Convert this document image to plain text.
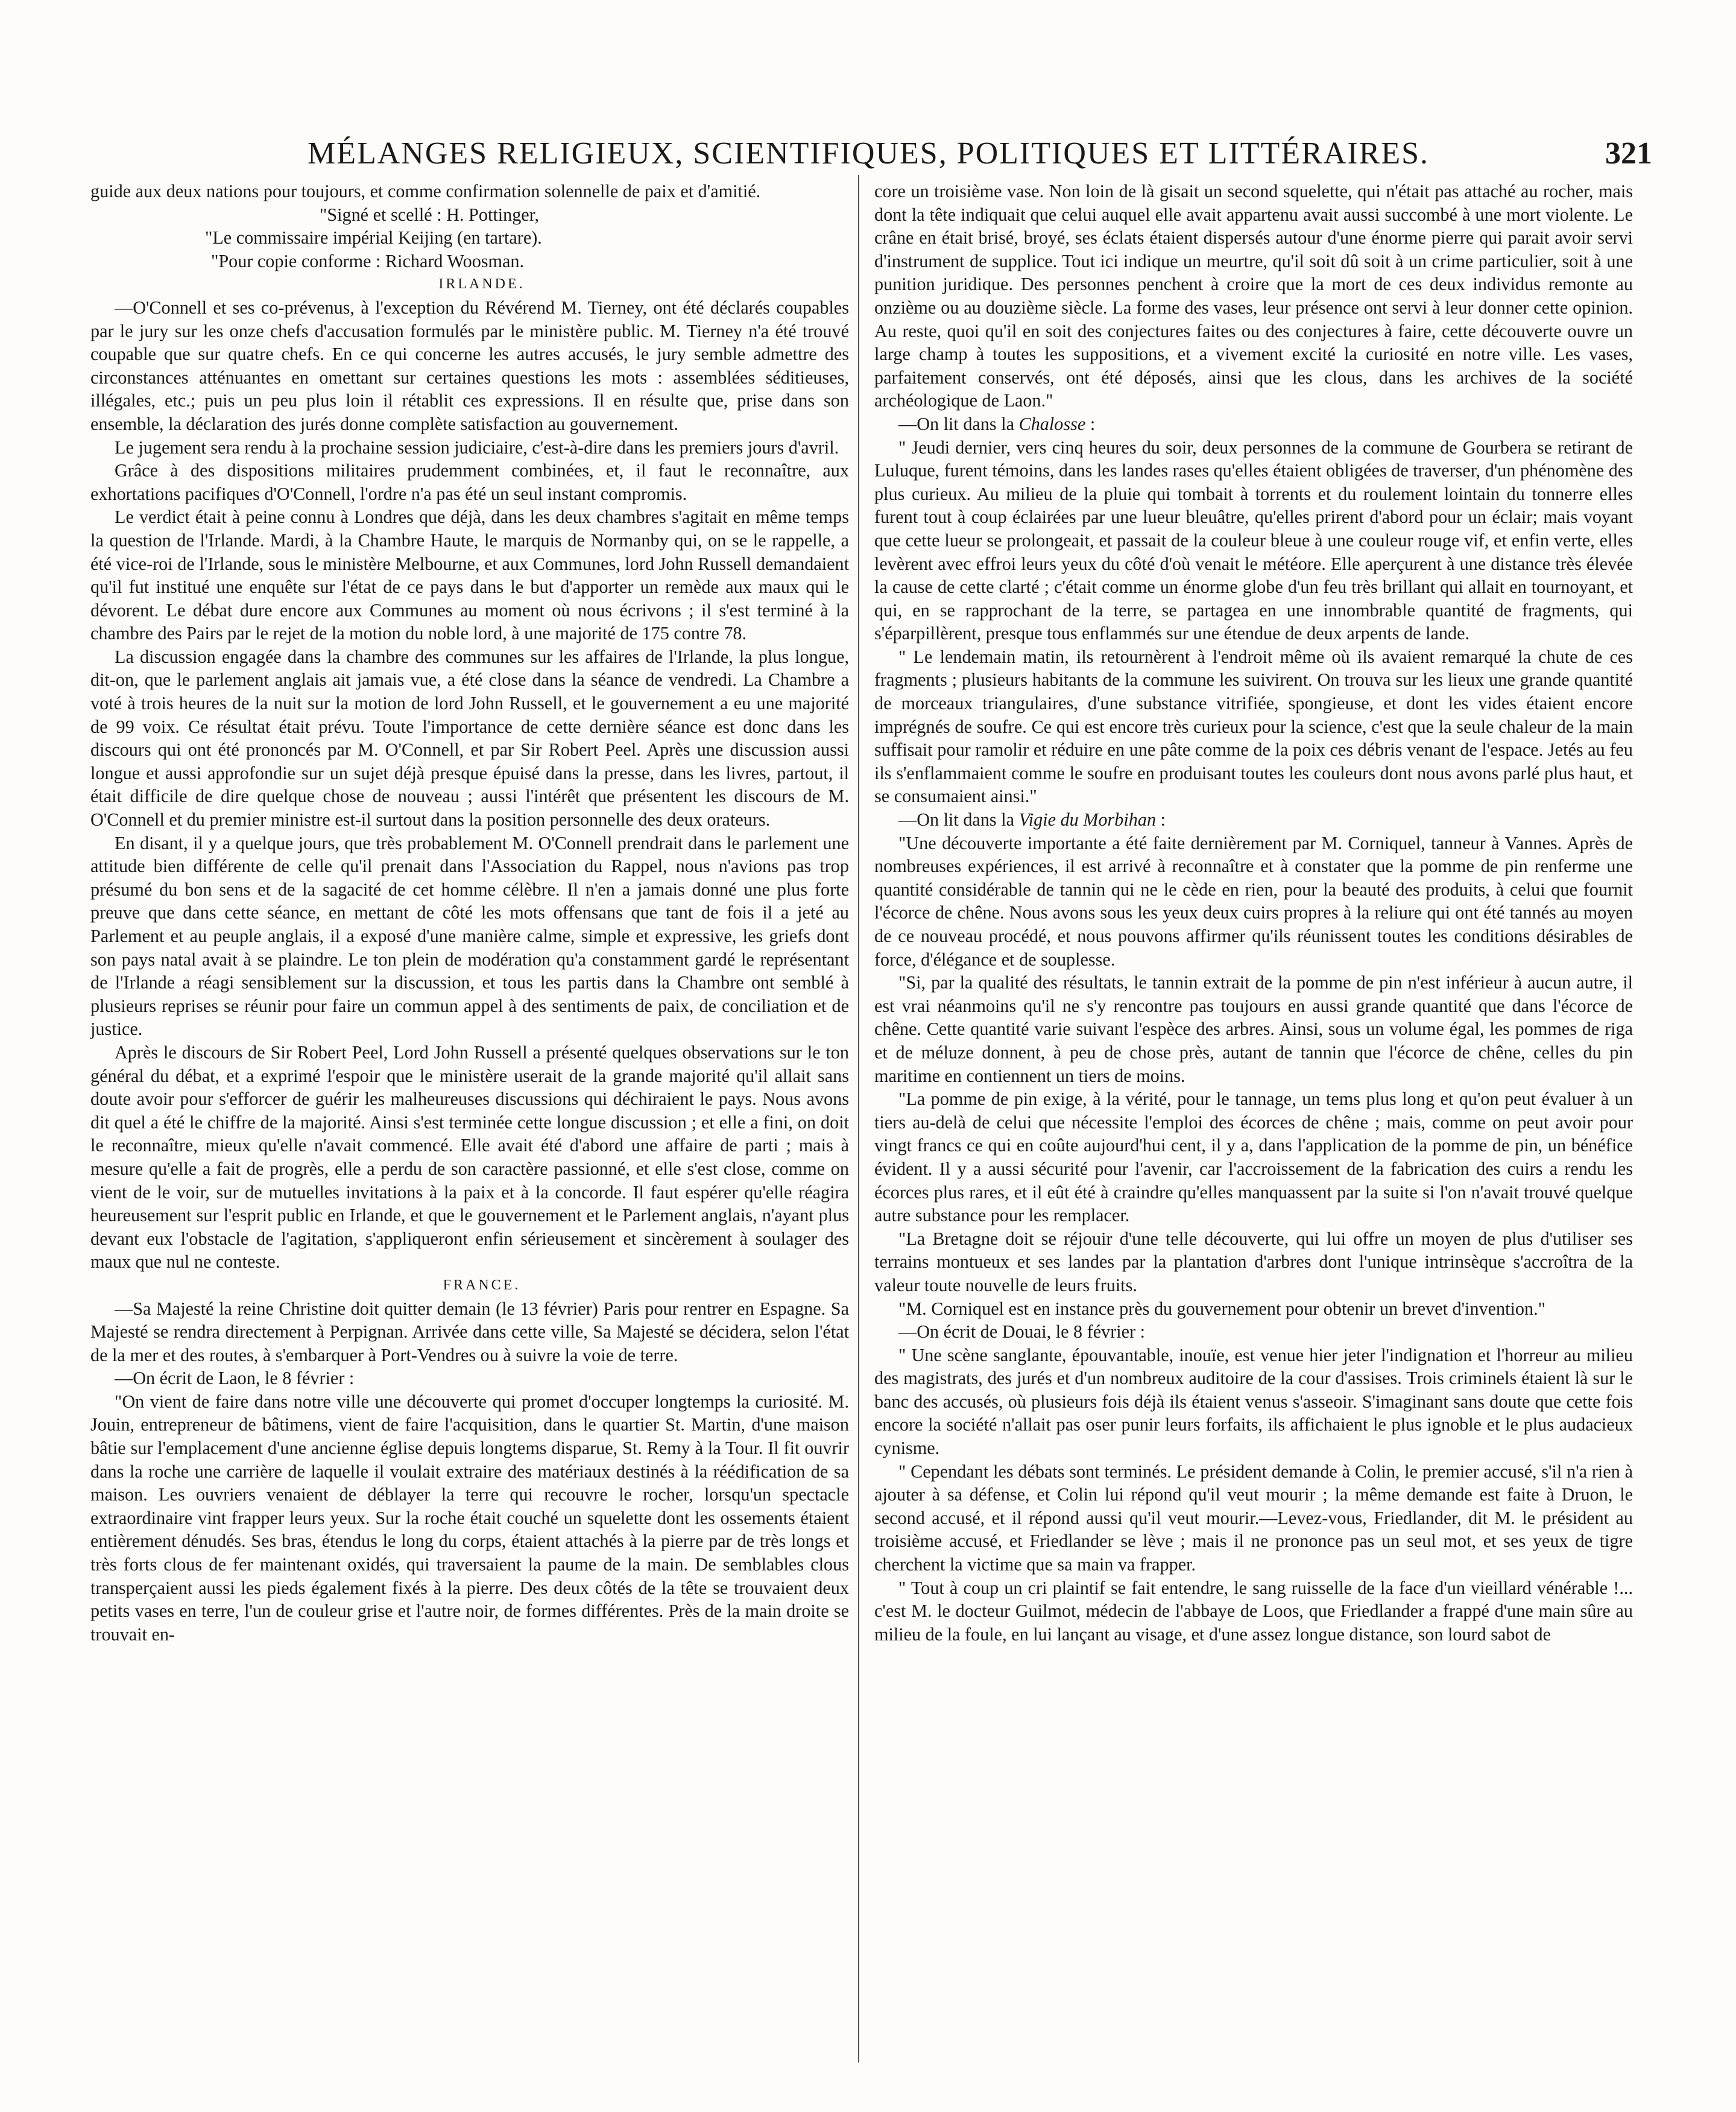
MÉLANGES RELIGIEUX, SCIENTIFIQUES, POLITIQUES ET LITTÉRAIRES.	321

guide aux deux nations pour toujours, et comme confirmation solennelle de paix et d'amitié.

"Signé et scellé : H. Pottinger,

"Le commissaire impérial Keijing (en tartare).

"Pour copie conforme : Richard Woosman.

IRLANDE.

—O'Connell et ses co-prévenus, à l'exception du Révérend M. Tierney, ont été déclarés coupables par le jury sur les onze chefs d'accusation formulés par le ministère public. M. Tierney n'a été trouvé coupable que sur quatre chefs. En ce qui concerne les autres accusés, le jury semble admettre des circonstances atténuantes en omettant sur certaines questions les mots : assemblées séditieuses, illégales, etc.; puis un peu plus loin il rétablit ces expressions. Il en résulte que, prise dans son ensemble, la déclaration des jurés donne complète satisfaction au gouvernement.

Le jugement sera rendu à la prochaine session judiciaire, c'est-à-dire dans les premiers jours d'avril.

Grâce à des dispositions militaires prudemment combinées, et, il faut le reconnaître, aux exhortations pacifiques d'O'Connell, l'ordre n'a pas été un seul instant compromis.

Le verdict était à peine connu à Londres que déjà, dans les deux chambres s'agitait en même temps la question de l'Irlande. Mardi, à la Chambre Haute, le marquis de Normanby qui, on se le rappelle, a été vice-roi de l'Irlande, sous le ministère Melbourne, et aux Communes, lord John Russell demandaient qu'il fut institué une enquête sur l'état de ce pays dans le but d'apporter un remède aux maux qui le dévorent. Le débat dure encore aux Communes au moment où nous écrivons ; il s'est terminé à la chambre des Pairs par le rejet de la motion du noble lord, à une majorité de 175 contre 78.

La discussion engagée dans la chambre des communes sur les affaires de l'Irlande, la plus longue, dit-on, que le parlement anglais ait jamais vue, a été close dans la séance de vendredi. La Chambre a voté à trois heures de la nuit sur la motion de lord John Russell, et le gouvernement a eu une majorité de 99 voix. Ce résultat était prévu. Toute l'importance de cette dernière séance est donc dans les discours qui ont été prononcés par M. O'Connell, et par Sir Robert Peel. Après une discussion aussi longue et aussi approfondie sur un sujet déjà presque épuisé dans la presse, dans les livres, partout, il était difficile de dire quelque chose de nouveau ; aussi l'intérêt que présentent les discours de M. O'Connell et du premier ministre est-il surtout dans la position personnelle des deux orateurs.

En disant, il y a quelque jours, que très probablement M. O'Connell prendrait dans le parlement une attitude bien différente de celle qu'il prenait dans l'Association du Rappel, nous n'avions pas trop présumé du bon sens et de la sagacité de cet homme célèbre. Il n'en a jamais donné une plus forte preuve que dans cette séance, en mettant de côté les mots offensans que tant de fois il a jeté au Parlement et au peuple anglais, il a exposé d'une manière calme, simple et expressive, les griefs dont son pays natal avait à se plaindre. Le ton plein de modération qu'a constamment gardé le représentant de l'Irlande a réagi sensiblement sur la discussion, et tous les partis dans la Chambre ont semblé à plusieurs reprises se réunir pour faire un commun appel à des sentiments de paix, de conciliation et de justice.

Après le discours de Sir Robert Peel, Lord John Russell a présenté quelques observations sur le ton général du débat, et a exprimé l'espoir que le ministère userait de la grande majorité qu'il allait sans doute avoir pour s'efforcer de guérir les malheureuses discussions qui déchiraient le pays. Nous avons dit quel a été le chiffre de la majorité. Ainsi s'est terminée cette longue discussion ; et elle a fini, on doit le reconnaître, mieux qu'elle n'avait commencé. Elle avait été d'abord une affaire de parti ; mais à mesure qu'elle a fait de progrès, elle a perdu de son caractère passionné, et elle s'est close, comme on vient de le voir, sur de mutuelles invitations à la paix et à la concorde. Il faut espérer qu'elle réagira heureusement sur l'esprit public en Irlande, et que le gouvernement et le Parlement anglais, n'ayant plus devant eux l'obstacle de l'agitation, s'appliqueront enfin sérieusement et sincèrement à soulager des maux que nul ne conteste.

FRANCE.

—Sa Majesté la reine Christine doit quitter demain (le 13 février) Paris pour rentrer en Espagne. Sa Majesté se rendra directement à Perpignan. Arrivée dans cette ville, Sa Majesté se décidera, selon l'état de la mer et des routes, à s'embarquer à Port-Vendres ou à suivre la voie de terre.

—On écrit de Laon, le 8 février :

"On vient de faire dans notre ville une découverte qui promet d'occuper longtemps la curiosité. M. Jouin, entrepreneur de bâtimens, vient de faire l'acquisition, dans le quartier St. Martin, d'une maison bâtie sur l'emplacement d'une ancienne église depuis longtems disparue, St. Remy à la Tour. Il fit ouvrir dans la roche une carrière de laquelle il voulait extraire des matériaux destinés à la réédification de sa maison. Les ouvriers venaient de déblayer la terre qui recouvre le rocher, lorsqu'un spectacle extraordinaire vint frapper leurs yeux. Sur la roche était couché un squelette dont les ossements étaient entièrement dénudés. Ses bras, étendus le long du corps, étaient attachés à la pierre par de très longs et très forts clous de fer maintenant oxidés, qui traversaient la paume de la main. De semblables clous transperçaient aussi les pieds également fixés à la pierre. Des deux côtés de la tête se trouvaient deux petits vases en terre, l'un de couleur grise et l'autre noir, de formes différentes. Près de la main droite se trouvait en-

core un troisième vase. Non loin de là gisait un second squelette, qui n'était pas attaché au rocher, mais dont la tête indiquait que celui auquel elle avait appartenu avait aussi succombé à une mort violente. Le crâne en était brisé, broyé, ses éclats étaient dispersés autour d'une énorme pierre qui parait avoir servi d'instrument de supplice. Tout ici indique un meurtre, qu'il soit dû soit à un crime particulier, soit à une punition juridique. Des personnes penchent à croire que la mort de ces deux individus remonte au onzième ou au douzième siècle. La forme des vases, leur présence ont servi à leur donner cette opinion. Au reste, quoi qu'il en soit des conjectures faites ou des conjectures à faire, cette découverte ouvre un large champ à toutes les suppositions, et a vivement excité la curiosité en notre ville. Les vases, parfaitement conservés, ont été déposés, ainsi que les clous, dans les archives de la société archéologique de Laon."

—On lit dans la Chalosse :

" Jeudi dernier, vers cinq heures du soir, deux personnes de la commune de Gourbera se retirant de Luluque, furent témoins, dans les landes rases qu'elles étaient obligées de traverser, d'un phénomène des plus curieux. Au milieu de la pluie qui tombait à torrents et du roulement lointain du tonnerre elles furent tout à coup éclairées par une lueur bleuâtre, qu'elles prirent d'abord pour un éclair; mais voyant que cette lueur se prolongeait, et passait de la couleur bleue à une couleur rouge vif, et enfin verte, elles levèrent avec effroi leurs yeux du côté d'où venait le météore. Elle aperçurent à une distance très élevée la cause de cette clarté ; c'était comme un énorme globe d'un feu très brillant qui allait en tournoyant, et qui, en se rapprochant de la terre, se partagea en une innombrable quantité de fragments, qui s'éparpillèrent, presque tous enflammés sur une étendue de deux arpents de lande.

" Le lendemain matin, ils retournèrent à l'endroit même où ils avaient remarqué la chute de ces fragments ; plusieurs habitants de la commune les suivirent. On trouva sur les lieux une grande quantité de morceaux triangulaires, d'une substance vitrifiée, spongieuse, et dont les vides étaient encore imprégnés de soufre. Ce qui est encore très curieux pour la science, c'est que la seule chaleur de la main suffisait pour ramolir et réduire en une pâte comme de la poix ces débris venant de l'espace. Jetés au feu ils s'enflammaient comme le soufre en produisant toutes les couleurs dont nous avons parlé plus haut, et se consumaient ainsi."

—On lit dans la Vigie du Morbihan :

"Une découverte importante a été faite dernièrement par M. Corniquel, tanneur à Vannes. Après de nombreuses expériences, il est arrivé à reconnaître et à constater que la pomme de pin renferme une quantité considérable de tannin qui ne le cède en rien, pour la beauté des produits, à celui que fournit l'écorce de chêne. Nous avons sous les yeux deux cuirs propres à la reliure qui ont été tannés au moyen de ce nouveau procédé, et nous pouvons affirmer qu'ils réunissent toutes les conditions désirables de force, d'élégance et de souplesse.

"Si, par la qualité des résultats, le tannin extrait de la pomme de pin n'est inférieur à aucun autre, il est vrai néanmoins qu'il ne s'y rencontre pas toujours en aussi grande quantité que dans l'écorce de chêne. Cette quantité varie suivant l'espèce des arbres. Ainsi, sous un volume égal, les pommes de riga et de méluze donnent, à peu de chose près, autant de tannin que l'écorce de chêne, celles du pin maritime en contiennent un tiers de moins.

"La pomme de pin exige, à la vérité, pour le tannage, un tems plus long et qu'on peut évaluer à un tiers au-delà de celui que nécessite l'emploi des écorces de chêne ; mais, comme on peut avoir pour vingt francs ce qui en coûte aujourd'hui cent, il y a, dans l'application de la pomme de pin, un bénéfice évident. Il y a aussi sécurité pour l'avenir, car l'accroissement de la fabrication des cuirs a rendu les écorces plus rares, et il eût été à craindre qu'elles manquassent par la suite si l'on n'avait trouvé quelque autre substance pour les remplacer.

"La Bretagne doit se réjouir d'une telle découverte, qui lui offre un moyen de plus d'utiliser ses terrains montueux et ses landes par la plantation d'arbres dont l'unique intrinsèque s'accroîtra de la valeur toute nouvelle de leurs fruits.

"M. Corniquel est en instance près du gouvernement pour obtenir un brevet d'invention."

—On écrit de Douai, le 8 février :

" Une scène sanglante, épouvantable, inouïe, est venue hier jeter l'indignation et l'horreur au milieu des magistrats, des jurés et d'un nombreux auditoire de la cour d'assises. Trois criminels étaient là sur le banc des accusés, où plusieurs fois déjà ils étaient venus s'asseoir. S'imaginant sans doute que cette fois encore la société n'allait pas oser punir leurs forfaits, ils affichaient le plus ignoble et le plus audacieux cynisme.

" Cependant les débats sont terminés. Le président demande à Colin, le premier accusé, s'il n'a rien à ajouter à sa défense, et Colin lui répond qu'il veut mourir ; la même demande est faite à Druon, le second accusé, et il répond aussi qu'il veut mourir.—Levez-vous, Friedlander, dit M. le président au troisième accusé, et Friedlander se lève ; mais il ne prononce pas un seul mot, et ses yeux de tigre cherchent la victime que sa main va frapper.

" Tout à coup un cri plaintif se fait entendre, le sang ruisselle de la face d'un vieillard vénérable !... c'est M. le docteur Guilmot, médecin de l'abbaye de Loos, que Friedlander a frappé d'une main sûre au milieu de la foule, en lui lançant au visage, et d'une assez longue distance, son lourd sabot de
